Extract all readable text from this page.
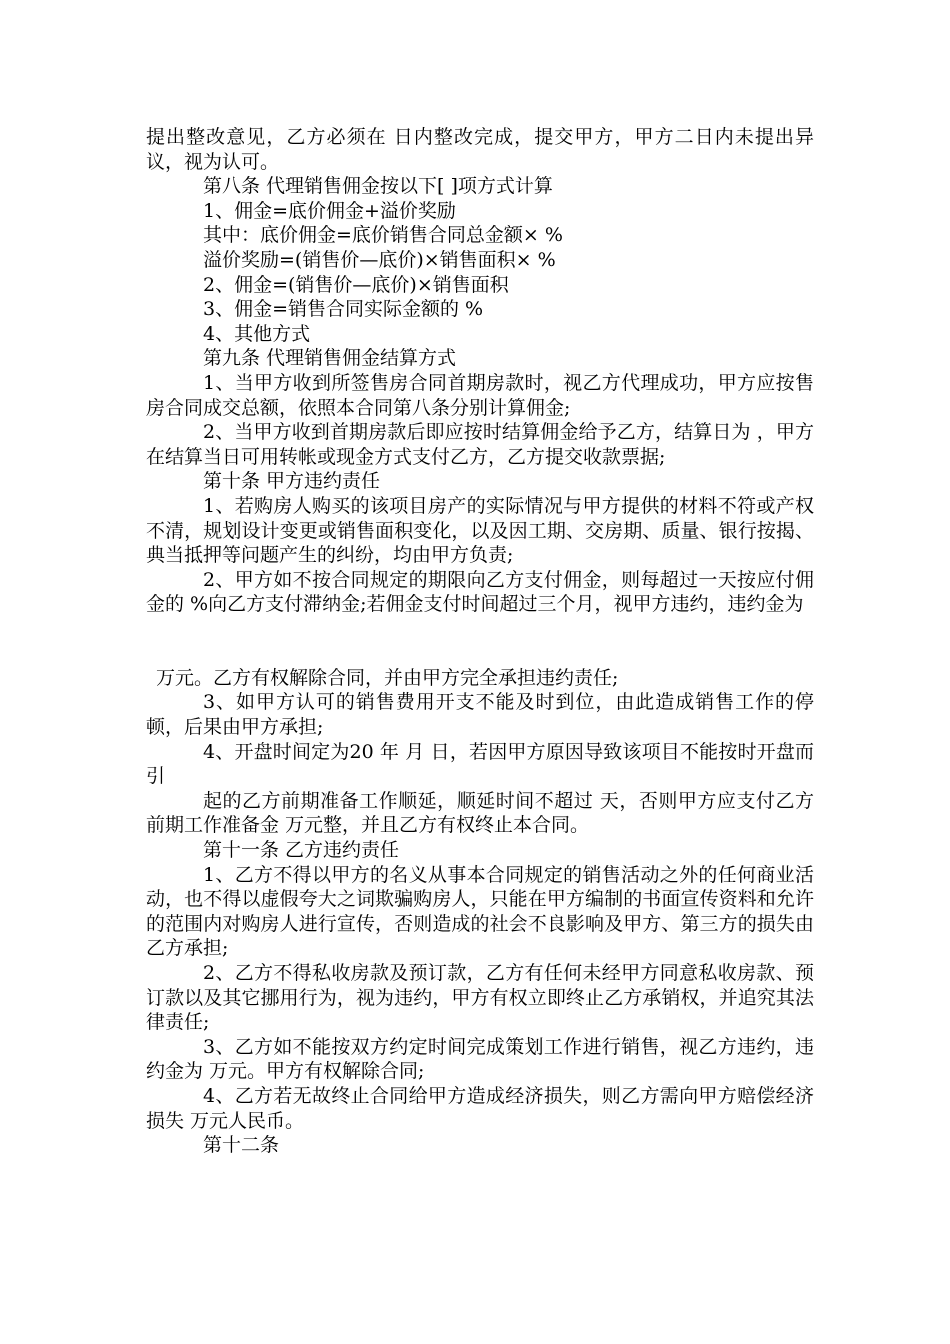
提出整改意见，乙方必须在 日内整改完成，提交甲方，甲方二日内未提出异议，视为认可。

第八条 代理销售佣金按以下[ ]项方式计算

1、佣金=底价佣金+溢价奖励

其中：底价佣金=底价销售合同总金额× %

溢价奖励=(销售价—底价)×销售面积× %

2、佣金=(销售价—底价)×销售面积

3、佣金=销售合同实际金额的 %

4、其他方式

第九条 代理销售佣金结算方式

1、当甲方收到所签售房合同首期房款时，视乙方代理成功，甲方应按售房合同成交总额，依照本合同第八条分别计算佣金;

2、当甲方收到首期房款后即应按时结算佣金给予乙方，结算日为 ，甲方在结算当日可用转帐或现金方式支付乙方，乙方提交收款票据;

第十条 甲方违约责任

1、若购房人购买的该项目房产的实际情况与甲方提供的材料不符或产权不清，规划设计变更或销售面积变化，以及因工期、交房期、质量、银行按揭、典当抵押等问题产生的纠纷，均由甲方负责;

2、甲方如不按合同规定的期限向乙方支付佣金，则每超过一天按应付佣金的 %向乙方支付滞纳金;若佣金支付时间超过三个月，视甲方违约，违约金为

万元。乙方有权解除合同，并由甲方完全承担违约责任;

3、如甲方认可的销售费用开支不能及时到位，由此造成销售工作的停顿，后果由甲方承担;

4、开盘时间定为20 年 月 日，若因甲方原因导致该项目不能按时开盘而引

起的乙方前期准备工作顺延，顺延时间不超过 天，否则甲方应支付乙方前期工作准备金 万元整，并且乙方有权终止本合同。

第十一条 乙方违约责任

1、乙方不得以甲方的名义从事本合同规定的销售活动之外的任何商业活动，也不得以虚假夸大之词欺骗购房人，只能在甲方编制的书面宣传资料和允许的范围内对购房人进行宣传，否则造成的社会不良影响及甲方、第三方的损失由乙方承担;

2、乙方不得私收房款及预订款，乙方有任何未经甲方同意私收房款、预订款以及其它挪用行为，视为违约，甲方有权立即终止乙方承销权，并追究其法律责任;

3、乙方如不能按双方约定时间完成策划工作进行销售，视乙方违约，违约金为 万元。甲方有权解除合同;

4、乙方若无故终止合同给甲方造成经济损失，则乙方需向甲方赔偿经济损失 万元人民币。

第十二条
